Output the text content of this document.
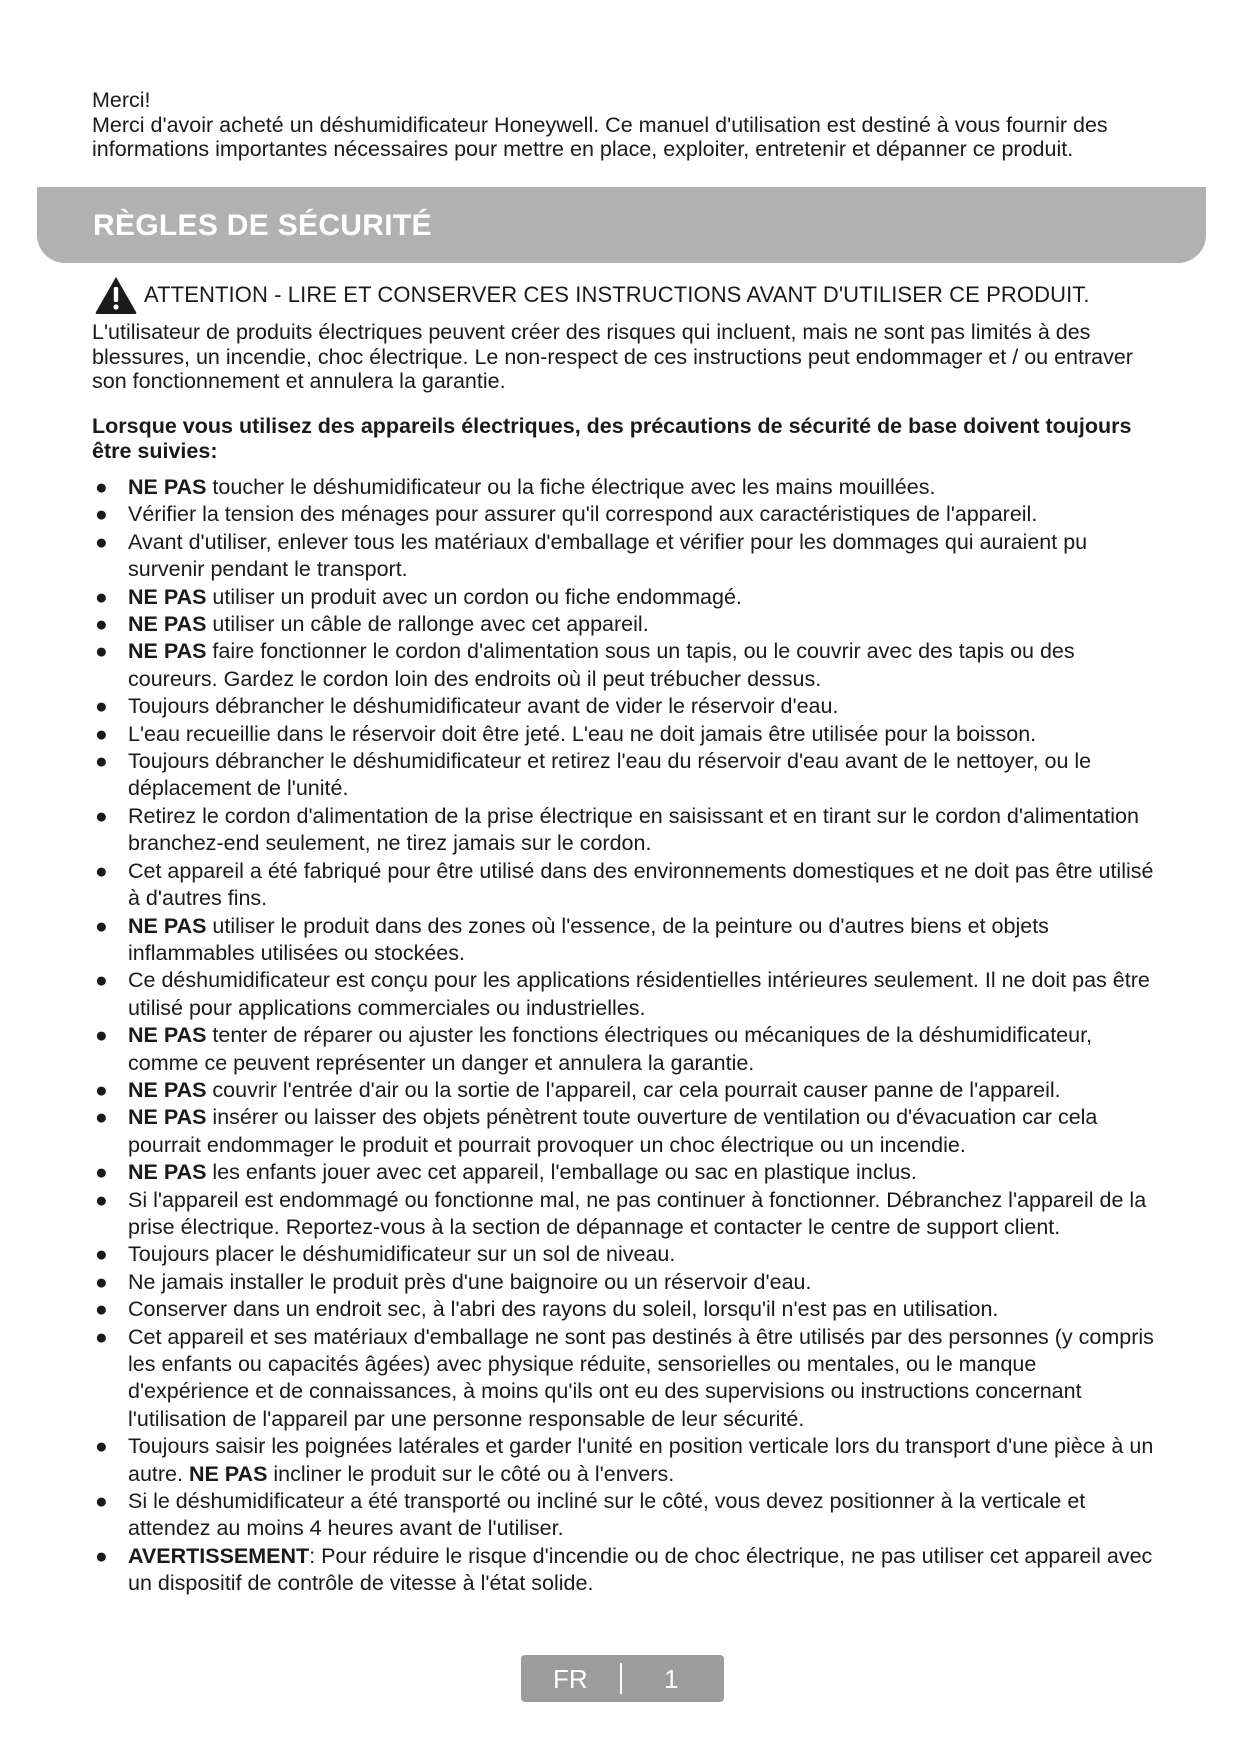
Merci!

Merci d'avoir acheté un déshumidificateur Honeywell. Ce manuel d'utilisation est destiné à vous fournir des informations importantes nécessaires pour mettre en place, exploiter, entretenir et dépanner ce produit.

RÈGLES DE SÉCURITÉ
ATTENTION - LIRE ET CONSERVER CES INSTRUCTIONS AVANT D'UTILISER CE PRODUIT.

L'utilisateur de produits électriques peuvent créer des risques qui incluent, mais ne sont pas limités à des blessures, un incendie, choc électrique. Le non-respect de ces instructions peut endommager et / ou entraver son fonctionnement et annulera la garantie.

Lorsque vous utilisez des appareils électriques, des précautions de sécurité de base doivent toujours être suivies:

● NE PAS toucher le déshumidificateur ou la fiche électrique avec les mains mouillées.
● Vérifier la tension des ménages pour assurer qu'il correspond aux caractéristiques de l'appareil.
● Avant d'utiliser, enlever tous les matériaux d'emballage et vérifier pour les dommages qui auraient pu survenir pendant le transport.
● NE PAS utiliser un produit avec un cordon ou fiche endommagé.
● NE PAS utiliser un câble de rallonge avec cet appareil.
● NE PAS faire fonctionner le cordon d'alimentation sous un tapis, ou le couvrir avec des tapis ou des coureurs. Gardez le cordon loin des endroits où il peut trébucher dessus.
● Toujours débrancher le déshumidificateur avant de vider le réservoir d'eau.
● L'eau recueillie dans le réservoir doit être jeté. L'eau ne doit jamais être utilisée pour la boisson.
● Toujours débrancher le déshumidificateur et retirez l'eau du réservoir d'eau avant de le nettoyer, ou le déplacement de l'unité.
● Retirez le cordon d'alimentation de la prise électrique en saisissant et en tirant sur le cordon d'alimentation branchez-end seulement, ne tirez jamais sur le cordon.
● Cet appareil a été fabriqué pour être utilisé dans des environnements domestiques et ne doit pas être utilisé à d'autres fins.
● NE PAS utiliser le produit dans des zones où l'essence, de la peinture ou d'autres biens et objets inflammables utilisées ou stockées.
● Ce déshumidificateur est conçu pour les applications résidentielles intérieures seulement. Il ne doit pas être utilisé pour applications commerciales ou industrielles.
● NE PAS tenter de réparer ou ajuster les fonctions électriques ou mécaniques de la déshumidificateur, comme ce peuvent représenter un danger et annulera la garantie.
● NE PAS couvrir l'entrée d'air ou la sortie de l'appareil, car cela pourrait causer panne de l'appareil.
● NE PAS insérer ou laisser des objets pénètrent toute ouverture de ventilation ou d'évacuation car cela pourrait endommager le produit et pourrait provoquer un choc électrique ou un incendie.
● NE PAS les enfants jouer avec cet appareil, l'emballage ou sac en plastique inclus.
● Si l'appareil est endommagé ou fonctionne mal, ne pas continuer à fonctionner. Débranchez l'appareil de la prise électrique. Reportez-vous à la section de dépannage et contacter le centre de support client.
● Toujours placer le déshumidificateur sur un sol de niveau.
● Ne jamais installer le produit près d'une baignoire ou un réservoir d'eau.
● Conserver dans un endroit sec, à l'abri des rayons du soleil, lorsqu'il n'est pas en utilisation.
● Cet appareil et ses matériaux d'emballage ne sont pas destinés à être utilisés par des personnes (y compris les enfants ou capacités âgées) avec physique réduite, sensorielles ou mentales, ou le manque d'expérience et de connaissances, à moins qu'ils ont eu des supervisions ou instructions concernant l'utilisation de l'appareil par une personne responsable de leur sécurité.
● Toujours saisir les poignées latérales et garder l'unité en position verticale lors du transport d'une pièce à un autre. NE PAS incliner le produit sur le côté ou à l'envers.
● Si le déshumidificateur a été transporté ou incliné sur le côté, vous devez positionner à la verticale et attendez au moins 4 heures avant de l'utiliser.
● AVERTISSEMENT: Pour réduire le risque d'incendie ou de choc électrique, ne pas utiliser cet appareil avec un dispositif de contrôle de vitesse à l'état solide.
FR	1
